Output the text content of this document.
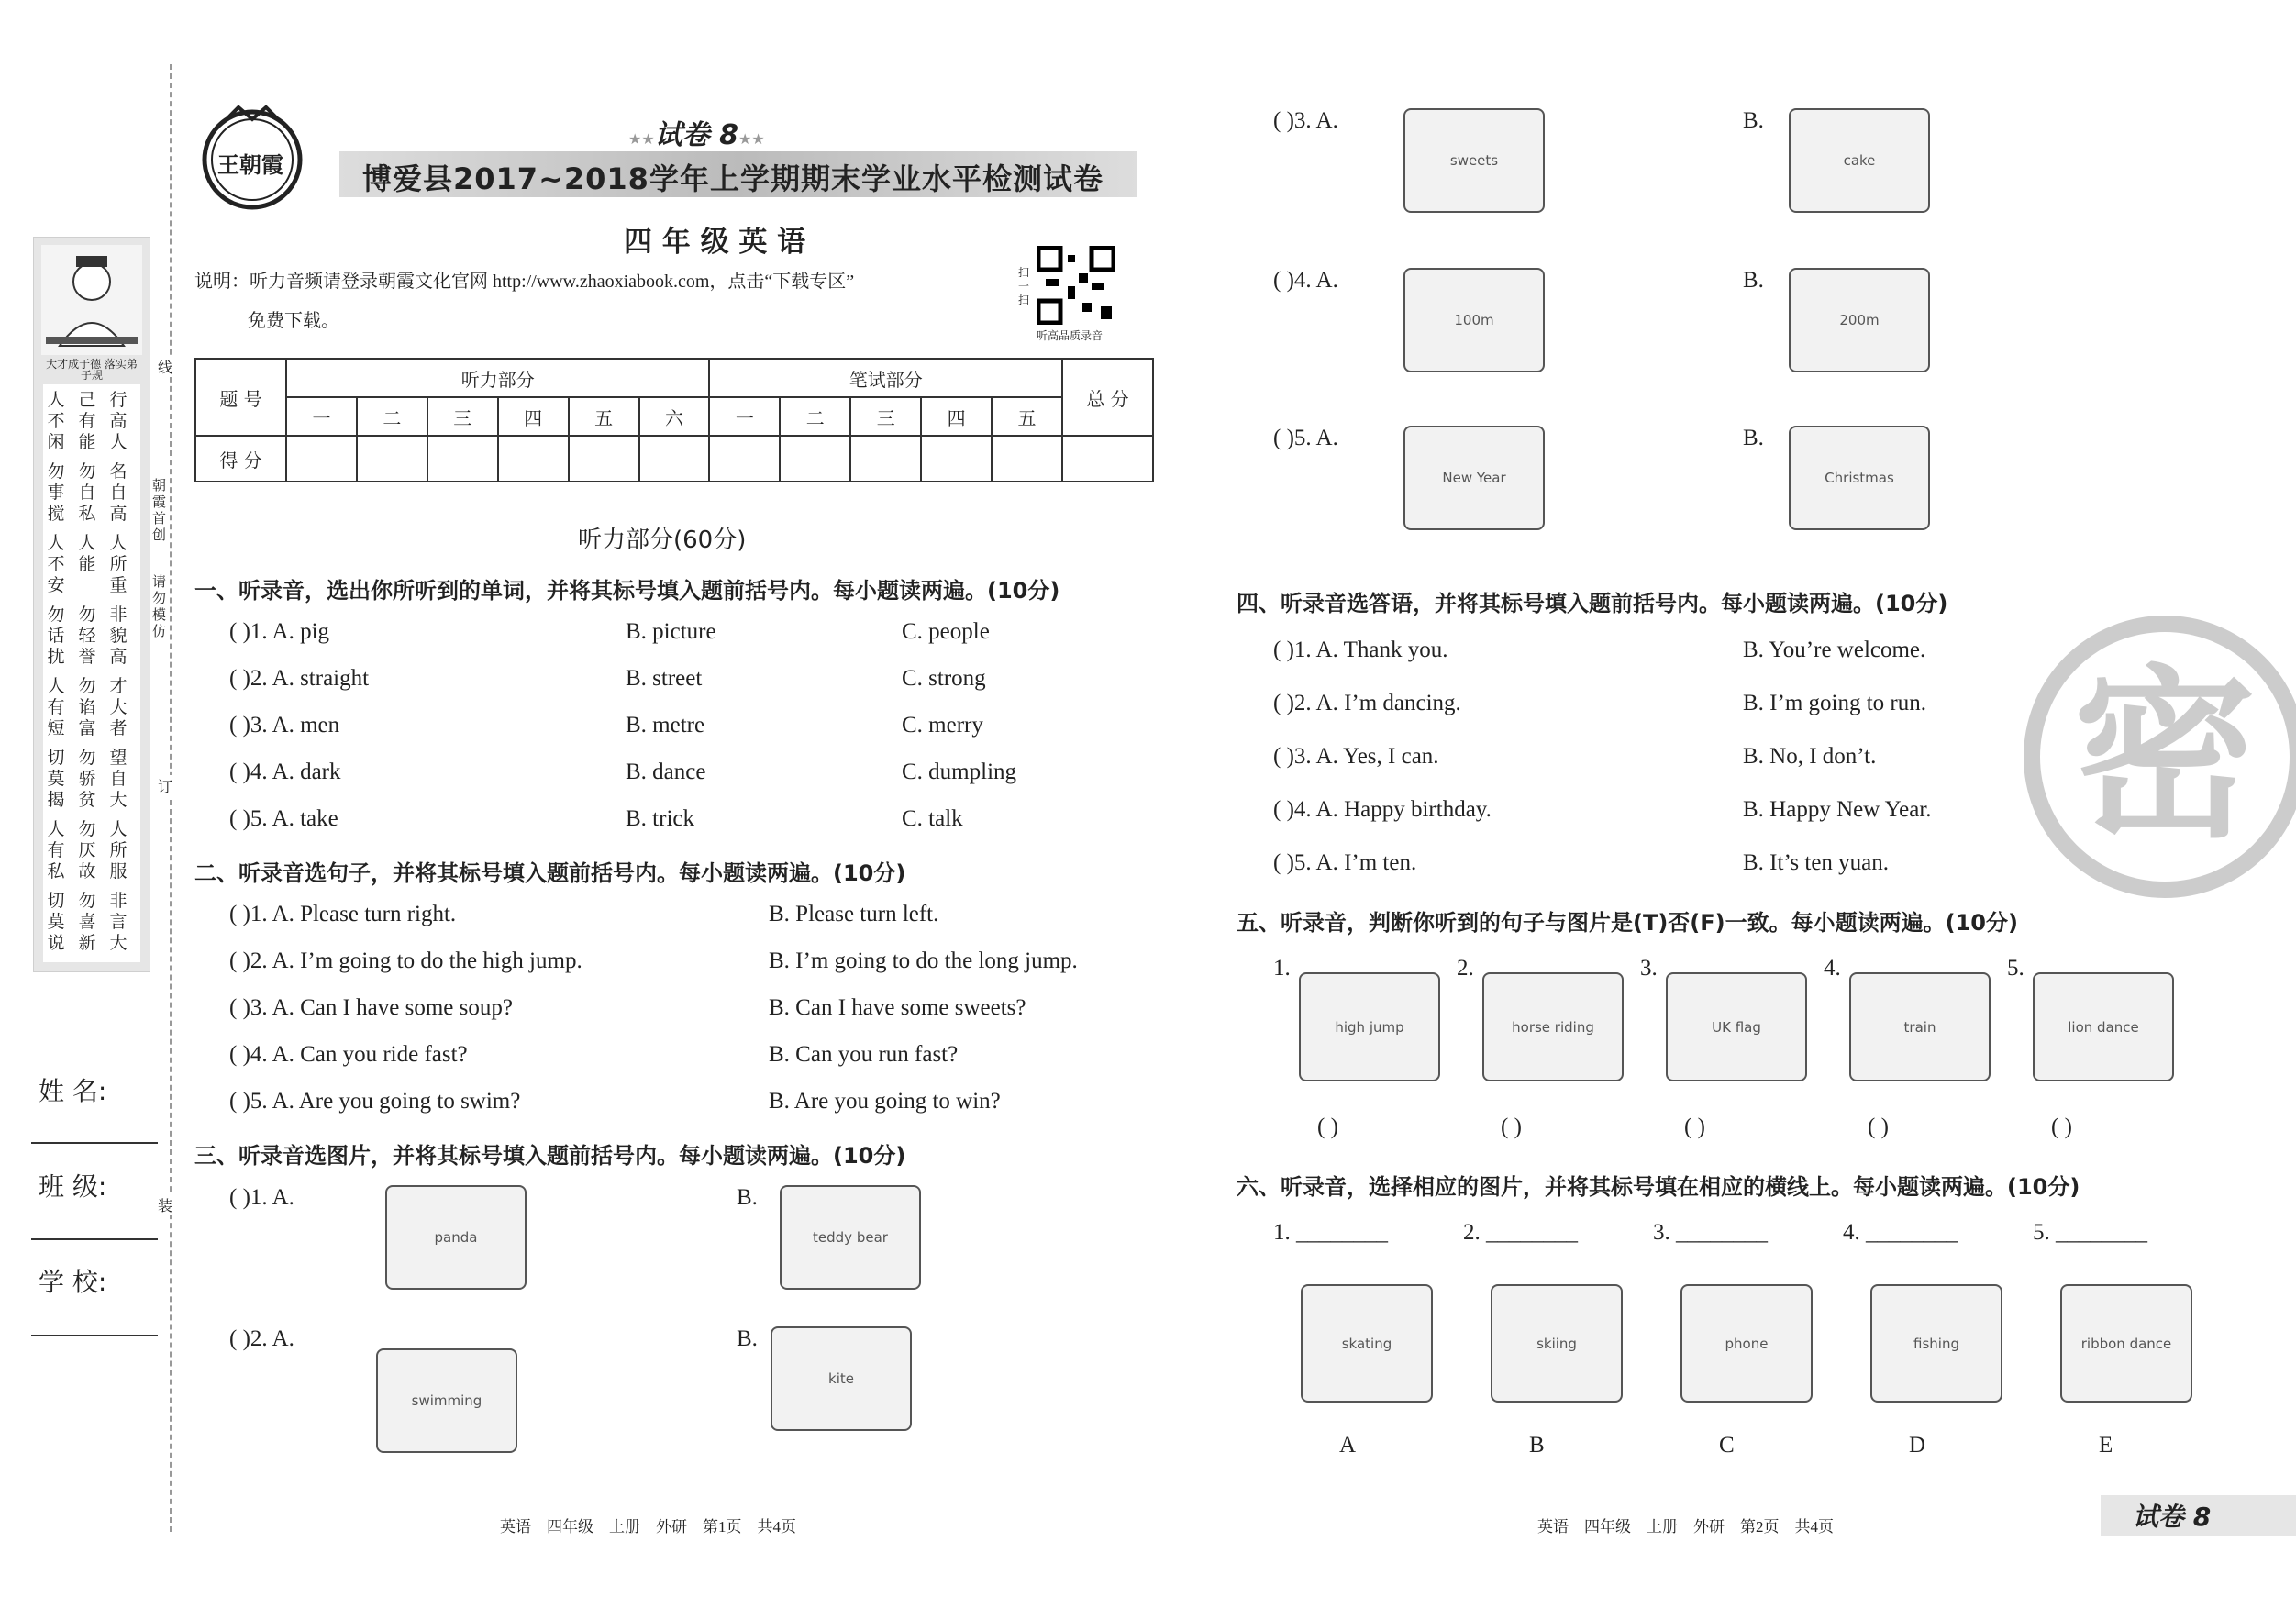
大才成于德 落实弟子规
人不闲
己有能
行高人
勿事搅
勿自私
名自高
人不安
人能
人所重
勿话扰
勿轻誉
非貌高
人有短
勿谄富
才大者
切莫揭
勿骄贫
望自大
人有私
勿厌故
人所服
切莫说
勿喜新
非言大
线
订
装
朝霞首创
请勿模仿
姓 名:
班 级:
学 校:
王朝霞
★★试卷 8★★
博爱县2017~2018学年上学期期末学业水平检测试卷
四 年 级 英 语
说明：听力音频请登录朝霞文化官网 http://www.zhaoxiabook.com，点击“下载专区”
免费下载。
扫一扫
听高品质录音
题 号	听力部分						笔试部分					总 分
	一	二	三	四	五	六	一	二	三	四	五	
得 分												
听力部分(60分)
一、听录音，选出你所听到的单词，并将其标号填入题前括号内。每小题读两遍。(10分)
二、听录音选句子，并将其标号填入题前括号内。每小题读两遍。(10分)
三、听录音选图片，并将其标号填入题前括号内。每小题读两遍。(10分)
四、听录音选答语，并将其标号填入题前括号内。每小题读两遍。(10分)
五、听录音，判断你听到的句子与图片是(T)否(F)一致。每小题读两遍。(10分)
六、听录音，选择相应的图片，并将其标号填在相应的横线上。每小题读两遍。(10分)
密
英语　四年级　上册　外研　第1页　共4页	英语　四年级　上册　外研　第2页　共4页	试卷 8
( )1. A. pig	B. picture	C. people
( )2. A. straight	B. street	C. strong
( )3. A. men	B. metre	C. merry
( )4. A. dark	B. dance	C. dumpling
( )5. A. take	B. trick	C. talk
( )1. A. Please turn right.	B. Please turn left.
( )2. A. I’m going to do the high jump.	B. I’m going to do the long jump.
( )3. A. Can I have some soup?	B. Can I have some sweets?
( )4. A. Can you ride fast?	B. Can you run fast?
( )5. A. Are you going to swim?	B. Are you going to win?
( )1. A.	B.
panda	teddy bear
( )2. A.	B.
swimming
kite
( )3. A.	B.
sweets	cake
( )4. A.	B.
100m	200m
( )5. A.	B.
New Year	Christmas
( )1. A. Thank you.	B. You’re welcome.
( )2. A. I’m dancing.	B. I’m going to run.
( )3. A. Yes, I can.	B. No, I don’t.
( )4. A. Happy birthday.	B. Happy New Year.
( )5. A. I’m ten.	B. It’s ten yuan.
1.
high jump
( )
2.
horse riding
( )
3.
UK flag
( )
4.
train
( )
5.
lion dance
( )
1. ________
skating
A
2. ________
skiing
B
3. ________
phone
C
4. ________
fishing
D
5. ________
ribbon dance
E
